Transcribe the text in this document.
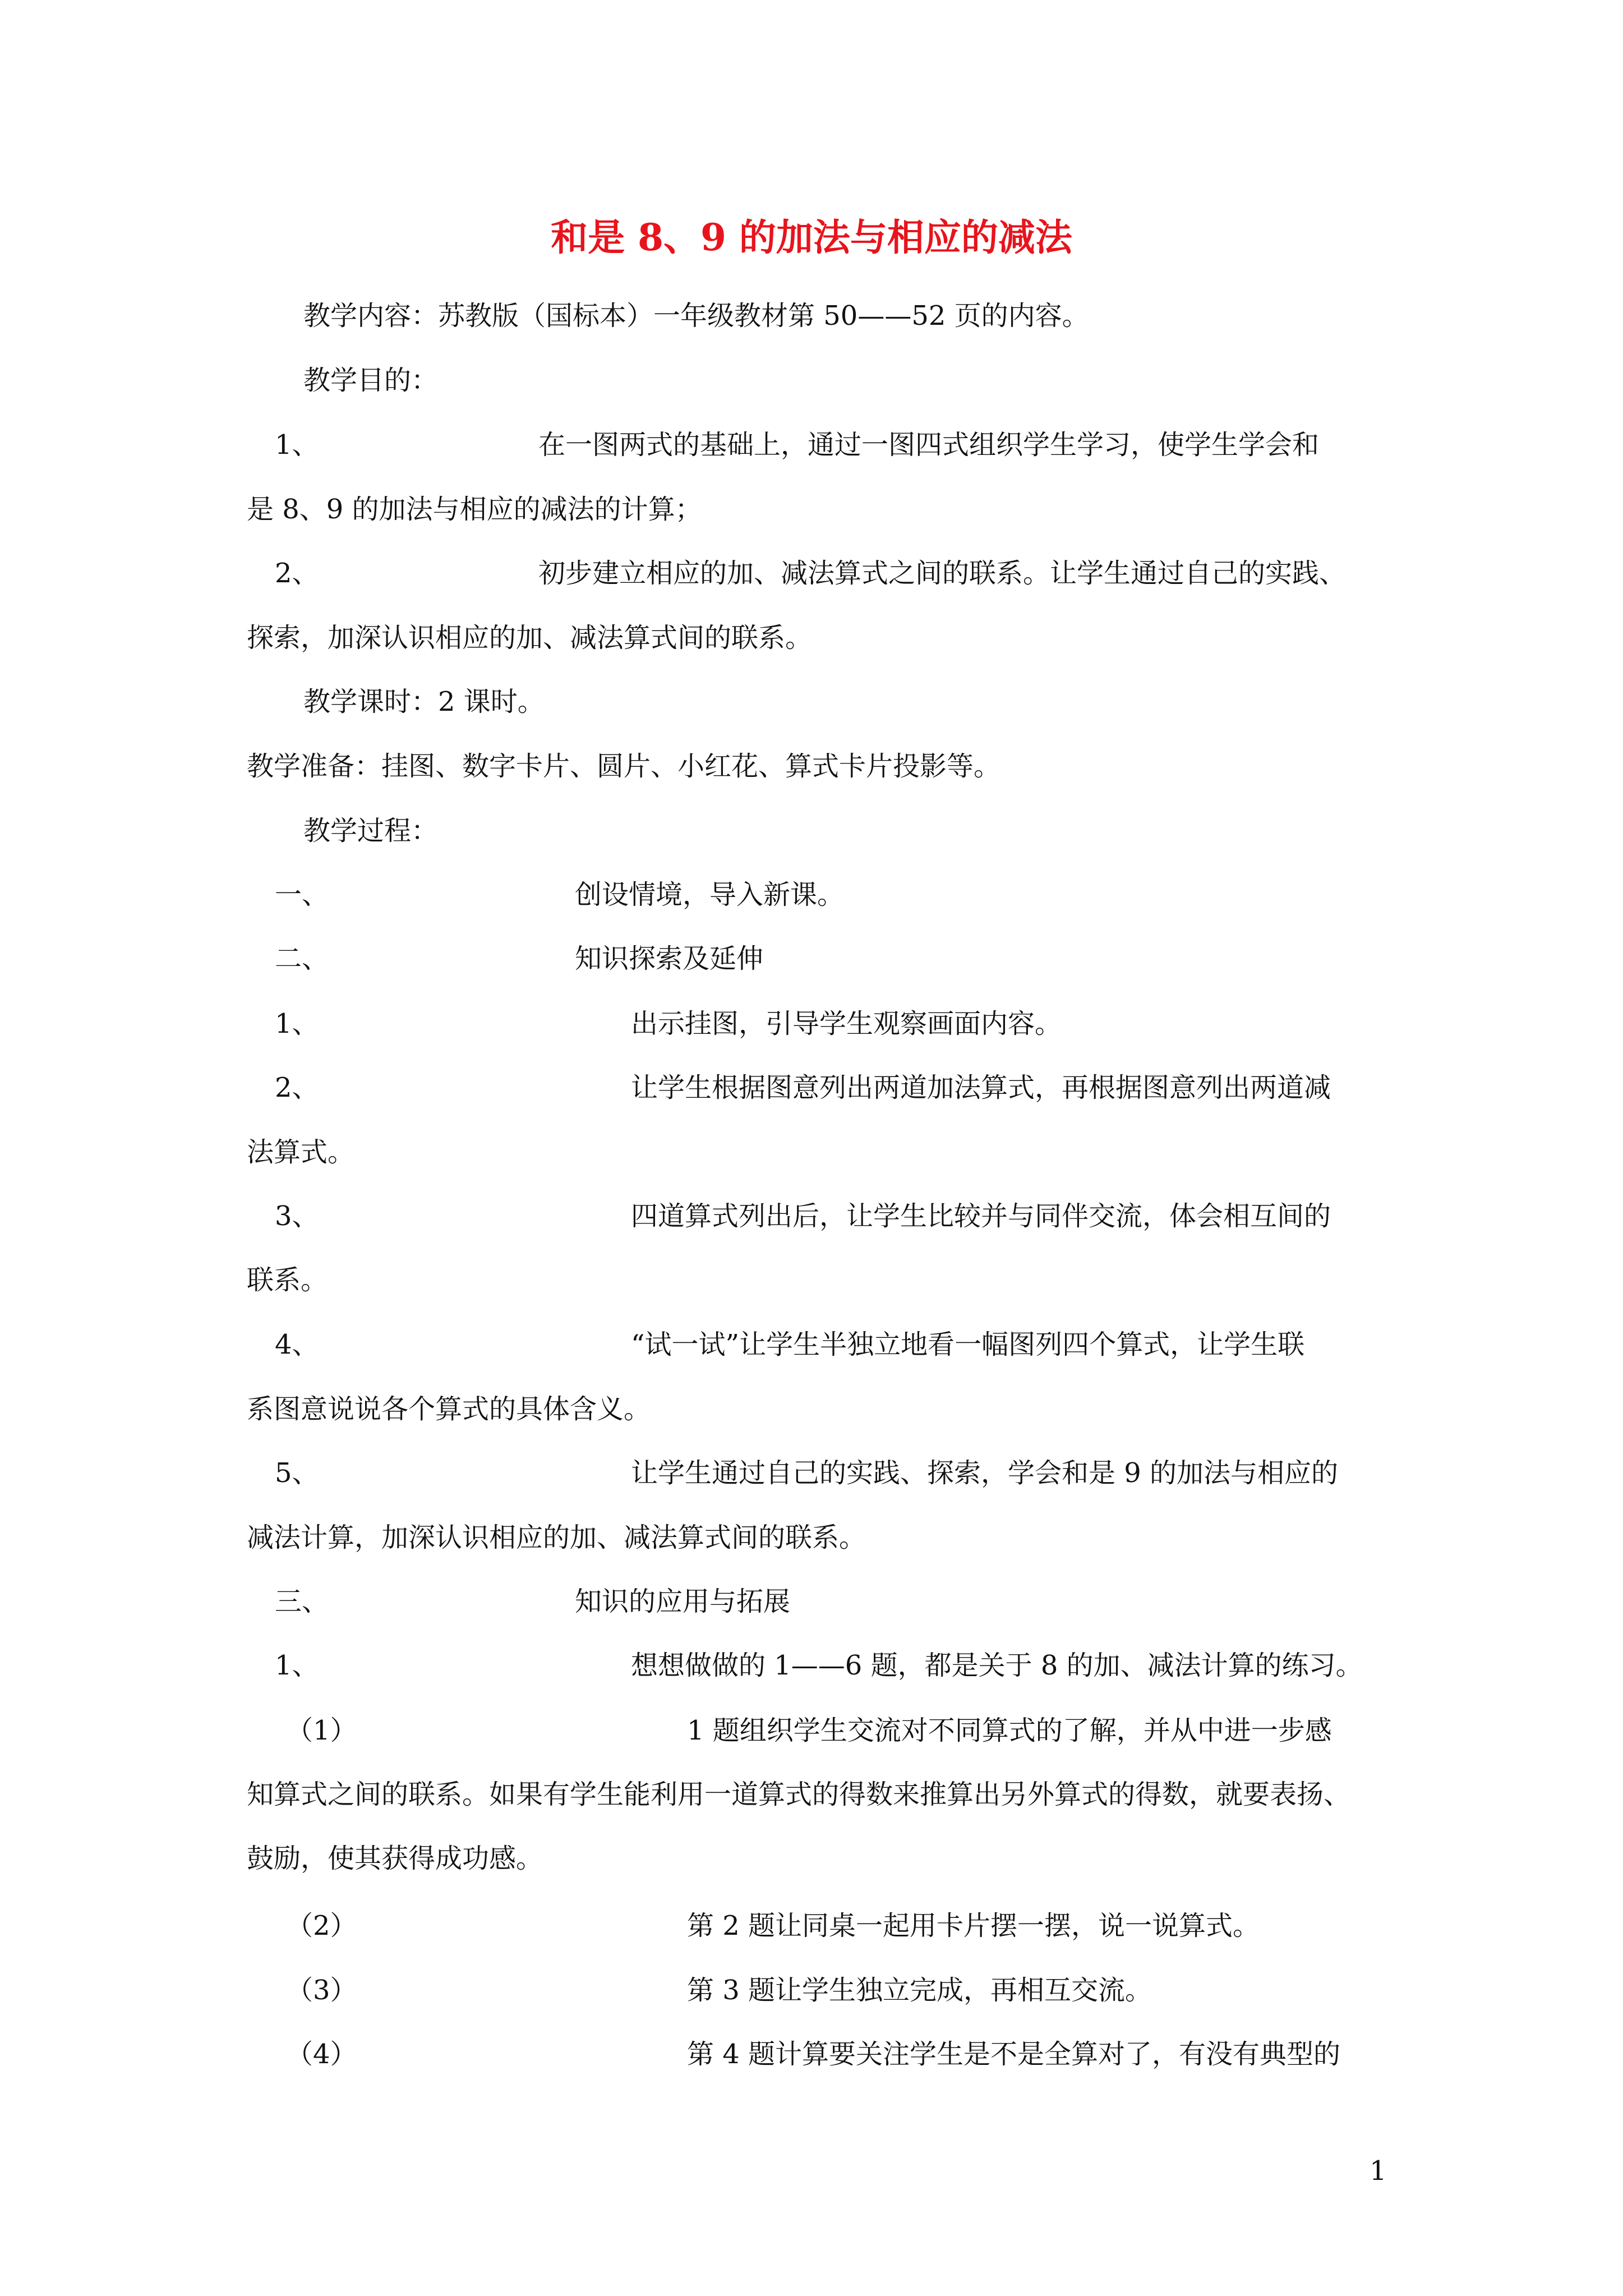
和是 8、9 的加法与相应的减法
教学内容：苏教版（国标本）一年级教材第 50——52 页的内容。
教学目的：
1、	在一图两式的基础上，通过一图四式组织学生学习，使学生学会和
是 8、9 的加法与相应的减法的计算；
2、	初步建立相应的加、减法算式之间的联系。让学生通过自己的实践、
探索，加深认识相应的加、减法算式间的联系。
教学课时：2 课时。
教学准备：挂图、数字卡片、圆片、小红花、算式卡片投影等。
教学过程：
一、	创设情境，导入新课。
二、	知识探索及延伸
1、	出示挂图，引导学生观察画面内容。
2、	让学生根据图意列出两道加法算式，再根据图意列出两道减
法算式。
3、	四道算式列出后，让学生比较并与同伴交流，体会相互间的
联系。
4、	“试一试”让学生半独立地看一幅图列四个算式，让学生联
系图意说说各个算式的具体含义。
5、	让学生通过自己的实践、探索，学会和是 9 的加法与相应的
减法计算，加深认识相应的加、减法算式间的联系。
三、	知识的应用与拓展
1、	想想做做的 1——6 题，都是关于 8 的加、减法计算的练习。
（1）	1 题组织学生交流对不同算式的了解，并从中进一步感
知算式之间的联系。如果有学生能利用一道算式的得数来推算出另外算式的得数，就要表扬、
鼓励，使其获得成功感。
（2）	第 2 题让同桌一起用卡片摆一摆，说一说算式。
（3）	第 3 题让学生独立完成，再相互交流。
（4）	第 4 题计算要关注学生是不是全算对了，有没有典型的
1
